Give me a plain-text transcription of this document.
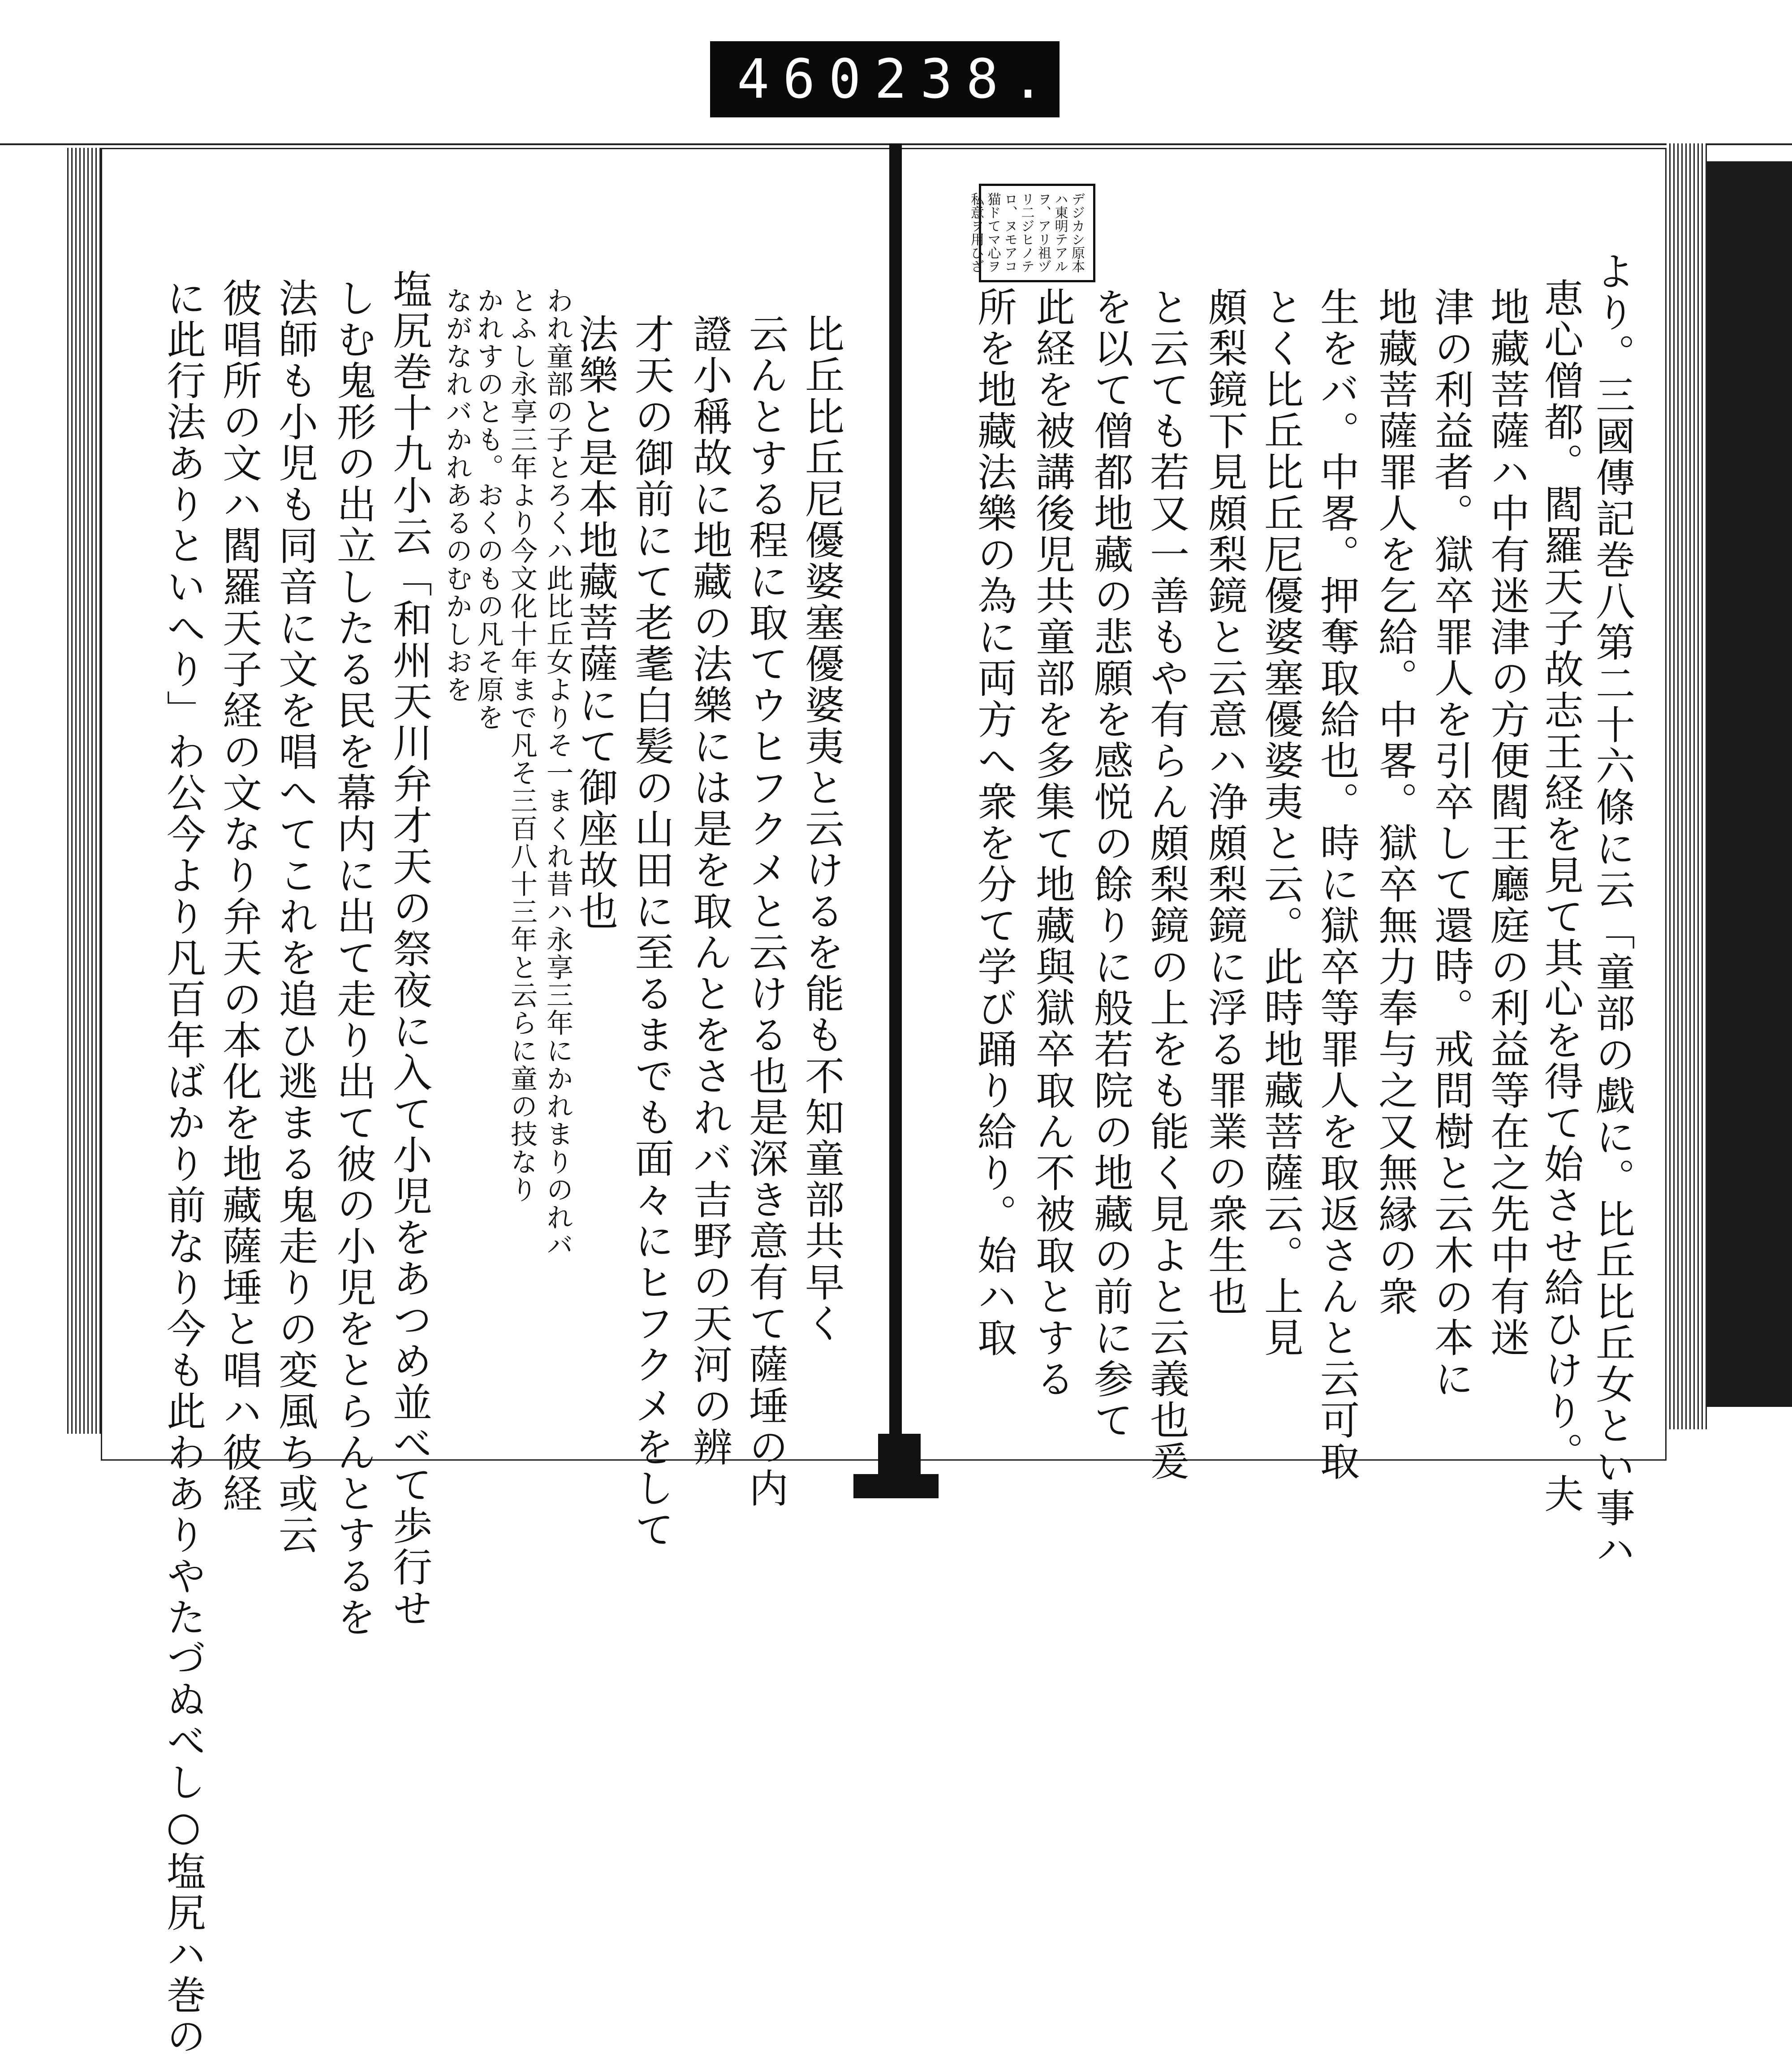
460 238.
デジカシ原本ハ東明テアルヲ、アリ祖ヅリ二ジヒノテロ、ヌモアコ猫ドてマ心ヲ私意ヲ用ひざ
より。三國傳記巻八第二十六條に云「童部の戯に。比丘比丘女とい事ハ
恵心僧都。閻羅天子故志王経を見て其心を得て始させ給ひけり。夫
地藏菩薩ハ中有迷津の方便閻王廳庭の利益等在之先中有迷
津の利益者。獄卒罪人を引卒して還時。戒問樹と云木の本に
地藏菩薩罪人を乞給。中畧。獄卒無力奉与之又無縁の衆
生をバ。中畧。押奪取給也。時に獄卒等罪人を取返さんと云可取
とく比丘比丘尼優婆塞優婆夷と云。此時地藏菩薩云。上見
頗梨鏡下見頗梨鏡と云意ハ浄頗梨鏡に浮る罪業の衆生也
と云ても若又一善もや有らん頗梨鏡の上をも能く見よと云義也爰
を以て僧都地藏の悲願を感悦の餘りに般若院の地藏の前に参て
此経を被講後児共童部を多集て地藏與獄卒取ん不被取とする
所を地藏法樂の為に両方へ衆を分て学び踊り給り。始ハ取
比丘比丘尼優婆塞優婆夷と云けるを能も不知童部共早く
云んとする程に取てウヒフクメと云ける也是深き意有て薩埵の内
證小稱故に地藏の法樂には是を取んとをされバ吉野の天河の辨
才天の御前にて老耄白髪の山田に至るまでも面々にヒフクメをして
法樂と是本地藏菩薩にて御座故也
われ童部の子とろくハ此比丘女よりそ一まくれ昔ハ永享三年にかれまりのれバ
とふし永享三年より今文化十年まで凡そ三百八十三年と云らに童の技なり
かれすのとも。おくのもの凡そ原を
ながなれバかれあるのむかしおを
塩尻巻十九小云「和州天川弁才天の祭夜に入て小児をあつめ並べて歩行せ
しむ鬼形の出立したる民を幕内に出て走り出て彼の小児をとらんとするを
法師も小児も同音に文を唱へてこれを追ひ逃まる鬼走りの変風ち或云
彼唱所の文ハ閻羅天子経の文なり弁天の本化を地藏薩埵と唱ハ彼経
に此行法ありといへり」わ公今より凡百年ばかり前なり今も此わありやたづぬべし○塩尻ハ巻の
